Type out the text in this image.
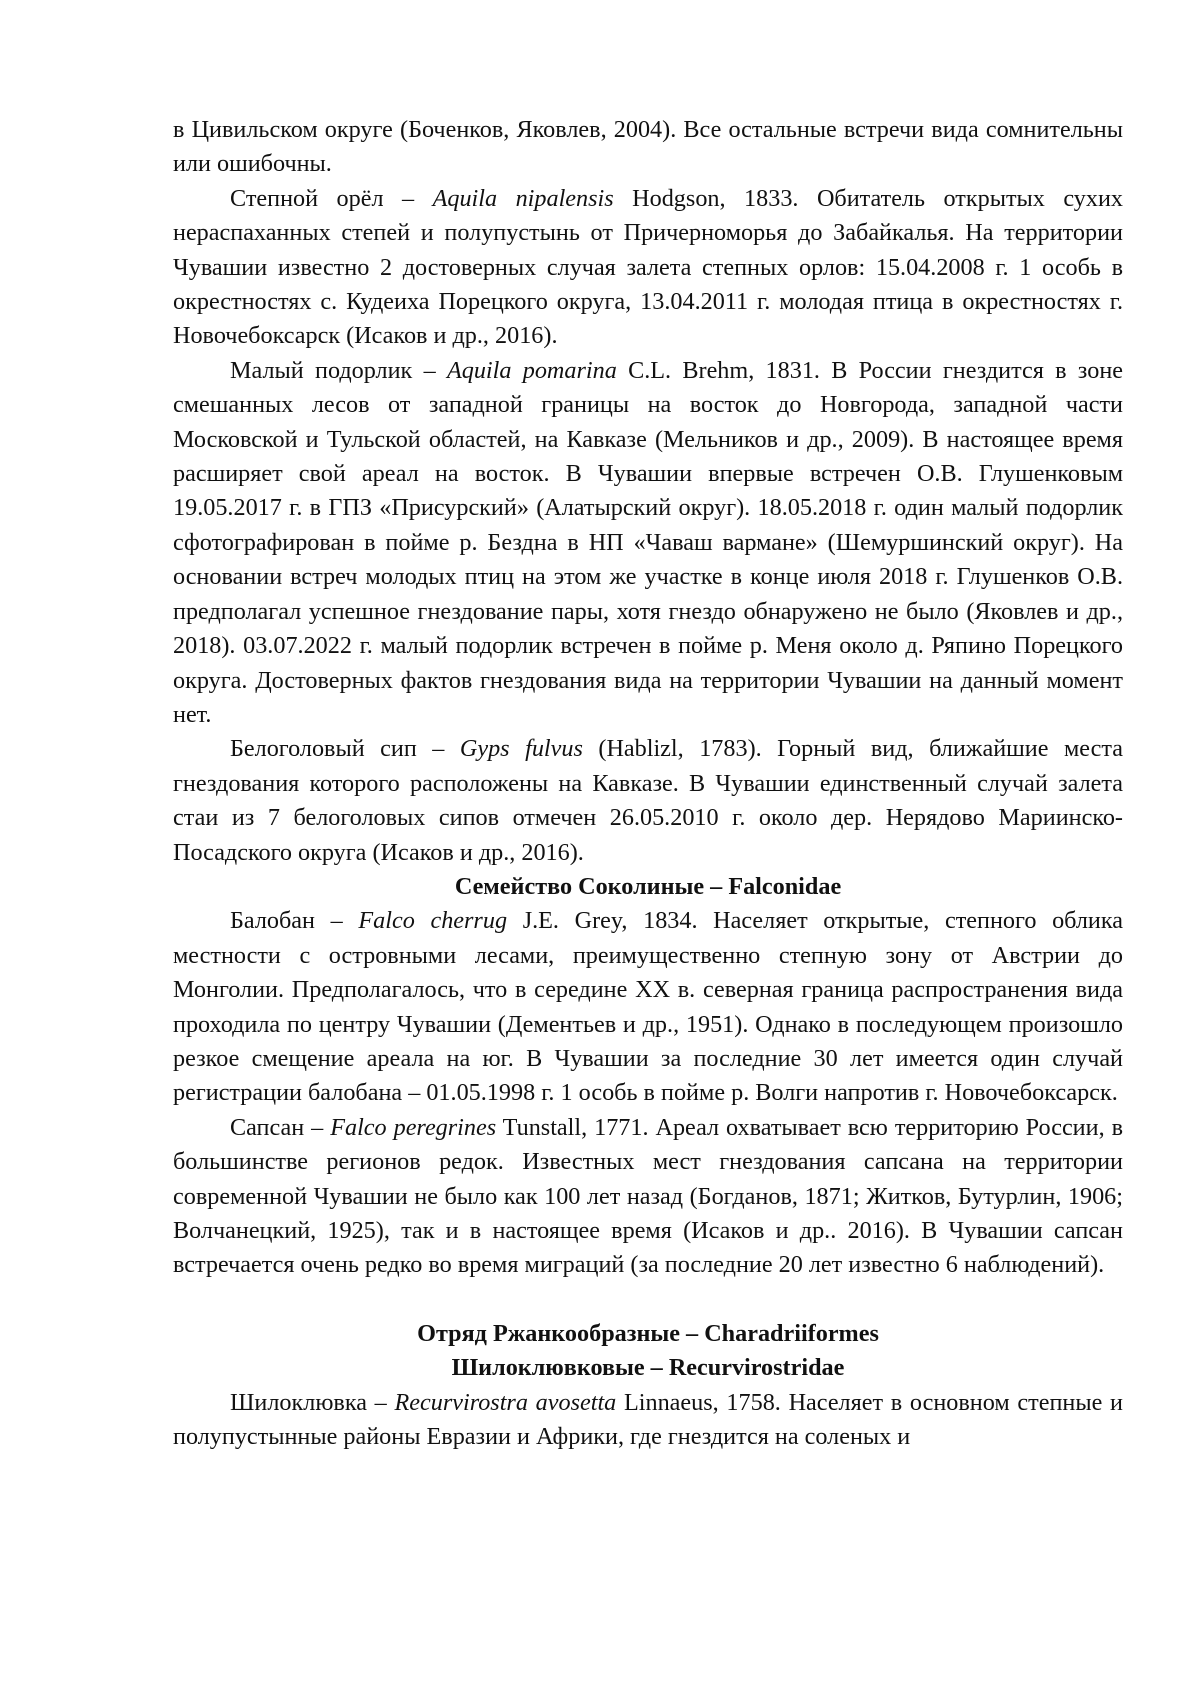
в Цивильском округе (Боченков, Яковлев, 2004). Все остальные встречи вида сомнительны или ошибочны.

Степной орёл – Aquila nipalensis Hodgson, 1833. Обитатель открытых сухих нераспаханных степей и полупустынь от Причерноморья до Забайкалья. На территории Чувашии известно 2 достоверных случая залета степных орлов: 15.04.2008 г. 1 особь в окрестностях с. Кудеиха Порецкого округа, 13.04.2011 г. молодая птица в окрестностях г. Новочебоксарск (Исаков и др., 2016).

Малый подорлик – Aquila pomarina C.L. Brehm, 1831. В России гнездится в зоне смешанных лесов от западной границы на восток до Новгорода, западной части Московской и Тульской областей, на Кавказе (Мельников и др., 2009). В настоящее время расширяет свой ареал на восток. В Чувашии впервые встречен О.В. Глушенковым 19.05.2017 г. в ГПЗ «Присурский» (Алатырский округ). 18.05.2018 г. один малый подорлик сфотографирован в пойме р. Бездна в НП «Чаваш вармане» (Шемуршинский округ). На основании встреч молодых птиц на этом же участке в конце июля 2018 г. Глушенков О.В. предполагал успешное гнездование пары, хотя гнездо обнаружено не было (Яковлев и др., 2018). 03.07.2022 г. малый подорлик встречен в пойме р. Меня около д. Ряпино Порецкого округа. Достоверных фактов гнездования вида на территории Чувашии на данный момент нет.

Белоголовый сип – Gyps fulvus (Hablizl, 1783). Горный вид, ближайшие места гнездования которого расположены на Кавказе. В Чувашии единственный случай залета стаи из 7 белоголовых сипов отмечен 26.05.2010 г. около дер. Нерядово Мариинско-Посадского округа (Исаков и др., 2016).

Семейство Соколиные – Falconidae

Балобан – Falco cherrug J.E. Grey, 1834. Населяет открытые, степного облика местности с островными лесами, преимущественно степную зону от Австрии до Монголии. Предполагалось, что в середине XX в. северная граница распространения вида проходила по центру Чувашии (Дементьев и др., 1951). Однако в последующем произошло резкое смещение ареала на юг. В Чувашии за последние 30 лет имеется один случай регистрации балобана – 01.05.1998 г. 1 особь в пойме р. Волги напротив г. Новочебоксарск.

Сапсан – Falco peregrines Tunstall, 1771. Ареал охватывает всю территорию России, в большинстве регионов редок. Известных мест гнездования сапсана на территории современной Чувашии не было как 100 лет назад (Богданов, 1871; Житков, Бутурлин, 1906; Волчанецкий, 1925), так и в настоящее время (Исаков и др.. 2016). В Чувашии сапсан встречается очень редко во время миграций (за последние 20 лет известно 6 наблюдений).

Отряд Ржанкообразные – Charadriiformes

Шилоклювковые – Recurvirostridae

Шилоклювка – Recurvirostra avosetta Linnaeus, 1758. Населяет в основном степные и полупустынные районы Евразии и Африки, где гнездится на соленых и
